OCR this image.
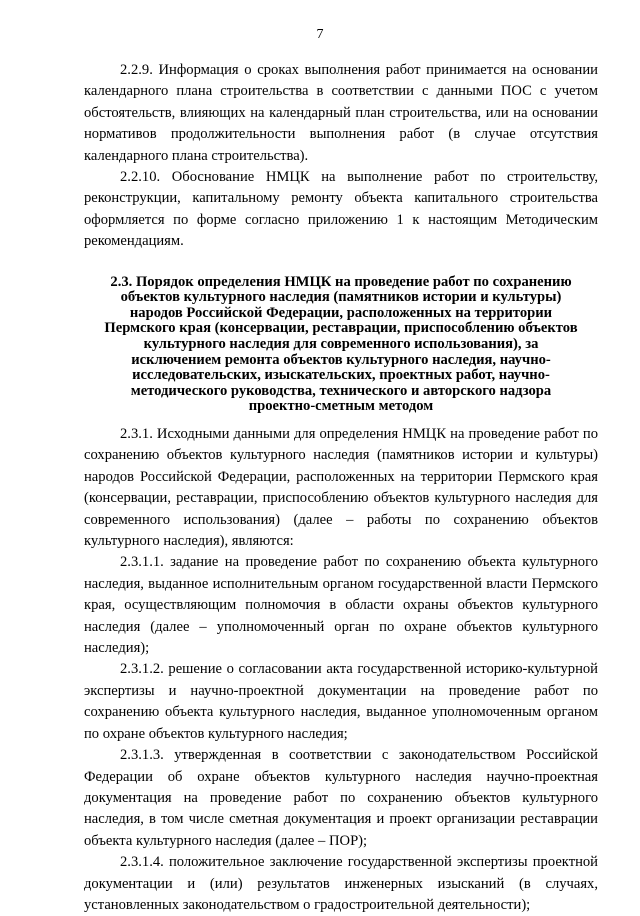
7

2.2.9. Информация о сроках выполнения работ принимается на основании календарного плана строительства в соответствии с данными ПОС с учетом обстоятельств, влияющих на календарный план строительства, или на основании нормативов продолжительности выполнения работ (в случае отсутствия календарного плана строительства).

2.2.10. Обоснование НМЦК на выполнение работ по строительству, реконструкции, капитальному ремонту объекта капитального строительства оформляется по форме согласно приложению 1 к настоящим Методическим рекомендациям.

2.3. Порядок определения НМЦК на проведение работ по сохранению объектов культурного наследия (памятников истории и культуры) народов Российской Федерации, расположенных на территории Пермского края (консервации, реставрации, приспособлению объектов культурного наследия для современного использования), за исключением ремонта объектов культурного наследия, научно-исследовательских, изыскательских, проектных работ, научно-методического руководства, технического и авторского надзора проектно-сметным методом

2.3.1. Исходными данными для определения НМЦК на проведение работ по сохранению объектов культурного наследия (памятников истории и культуры) народов Российской Федерации, расположенных на территории Пермского края (консервации, реставрации, приспособлению объектов культурного наследия для современного использования) (далее – работы по сохранению объектов культурного наследия), являются:

2.3.1.1. задание на проведение работ по сохранению объекта культурного наследия, выданное исполнительным органом государственной власти Пермского края, осуществляющим полномочия в области охраны объектов культурного наследия (далее – уполномоченный орган по охране объектов культурного наследия);

2.3.1.2. решение о согласовании акта государственной историко-культурной экспертизы и научно-проектной документации на проведение работ по сохранению объекта культурного наследия, выданное уполномоченным органом по охране объектов культурного наследия;

2.3.1.3. утвержденная в соответствии с законодательством Российской Федерации об охране объектов культурного наследия научно-проектная документация на проведение работ по сохранению объектов культурного наследия, в том числе сметная документация и проект организации реставрации объекта культурного наследия (далее – ПОР);

2.3.1.4. положительное заключение государственной экспертизы проектной документации и (или) результатов инженерных изысканий (в случаях, установленных законодательством о градостроительной деятельности);
